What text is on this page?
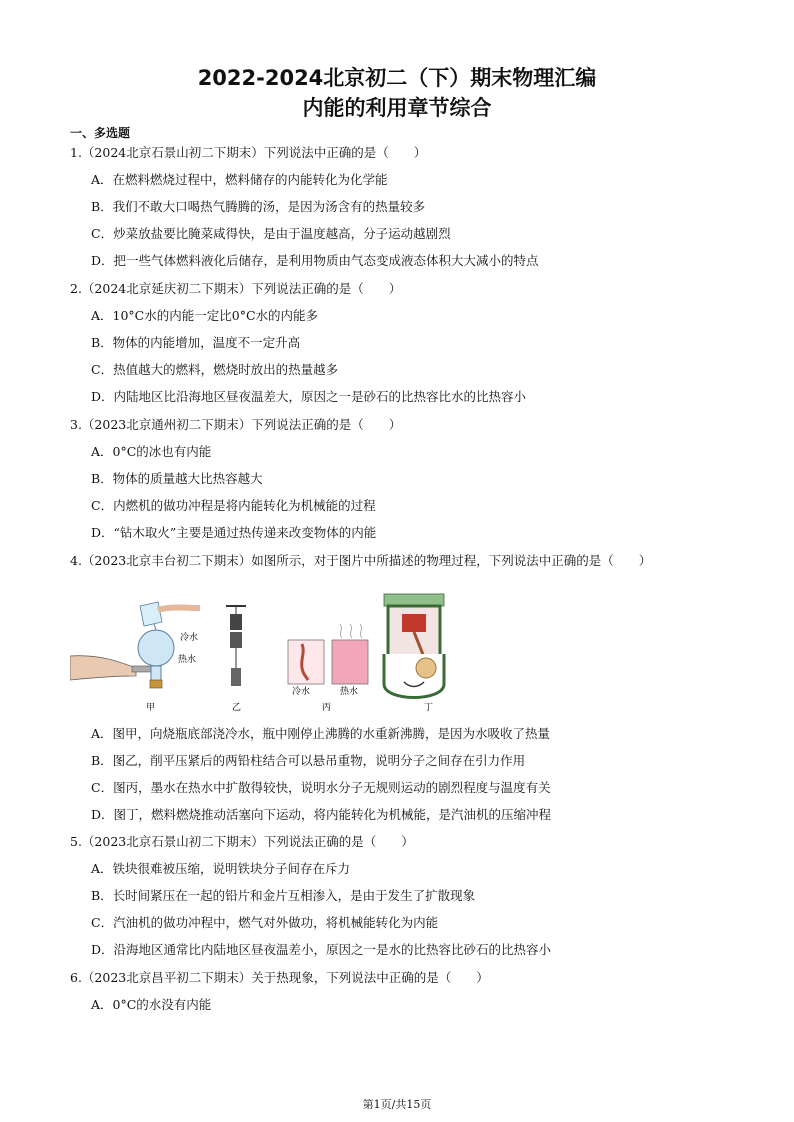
2022-2024北京初二（下）期末物理汇编
内能的利用章节综合
一、多选题
1.（2024北京石景山初二下期末）下列说法中正确的是（　　）
A．在燃料燃烧过程中，燃料储存的内能转化为化学能
B．我们不敢大口喝热气腾腾的汤，是因为汤含有的热量较多
C．炒菜放盐要比腌菜咸得快，是由于温度越高，分子运动越剧烈
D．把一些气体燃料液化后储存，是利用物质由气态变成液态体积大大减小的特点
2.（2024北京延庆初二下期末）下列说法正确的是（　　）
A．10°C水的内能一定比0°C水的内能多
B．物体的内能增加，温度不一定升高
C．热值越大的燃料，燃烧时放出的热量越多
D．内陆地区比沿海地区昼夜温差大，原因之一是砂石的比热容比水的比热容小
3.（2023北京通州初二下期末）下列说法正确的是（　　）
A．0°C的冰也有内能
B．物体的质量越大比热容越大
C．内燃机的做功冲程是将内能转化为机械能的过程
D．“钻木取火”主要是通过热传递来改变物体的内能
4.（2023北京丰台初二下期末）如图所示，对于图片中所描述的物理过程，下列说法中正确的是（　　）
冷水
热水
甲	乙
冷水	热水
丙	丁
A．图甲，向烧瓶底部浇冷水，瓶中刚停止沸腾的水重新沸腾，是因为水吸收了热量
B．图乙，削平压紧后的两铅柱结合可以悬吊重物，说明分子之间存在引力作用
C．图丙，墨水在热水中扩散得较快，说明水分子无规则运动的剧烈程度与温度有关
D．图丁，燃料燃烧推动活塞向下运动，将内能转化为机械能，是汽油机的压缩冲程
5.（2023北京石景山初二下期末）下列说法正确的是（　　）
A．铁块很难被压缩，说明铁块分子间存在斥力
B．长时间紧压在一起的铅片和金片互相渗入，是由于发生了扩散现象
C．汽油机的做功冲程中，燃气对外做功，将机械能转化为内能
D．沿海地区通常比内陆地区昼夜温差小，原因之一是水的比热容比砂石的比热容小
6.（2023北京昌平初二下期末）关于热现象，下列说法中正确的是（　　）
A．0°C的水没有内能
第1页/共15页
